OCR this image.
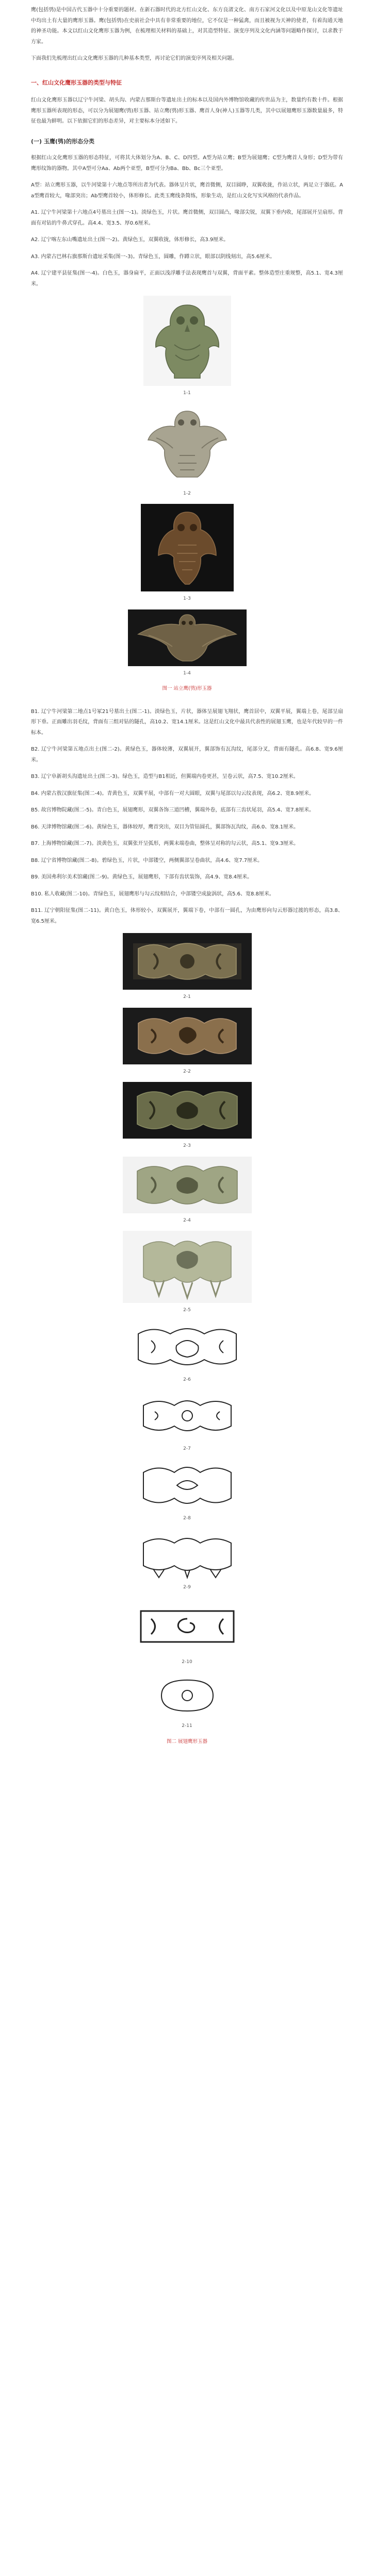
鹰(包括鸮)是中国古代玉器中十分重要的题材。在新石器时代的北方红山文化、东方良渚文化、南方石家河文化以及中原龙山文化等遗址中均出土有大量的鹰形玉器。鹰(包括鸮)在史前社会中具有非常重要的地位，它不仅是一种猛禽，而且被视为天神的使者，有着沟通天地的神圣功能。本文以红山文化鹰形玉器为例，在梳理相关材料的基础上，对其造型特征、演变序列及文化内涵等问题略作探讨，以求教于方家。

下面我们先梳理出红山文化鹰形玉器的几种基本类型，再讨论它们的演变序列及相关问题。

一、红山文化鹰形玉器的类型与特征

红山文化鹰形玉器以辽宁牛河梁、胡头沟、内蒙古那斯台等遗址出土的标本以及国内外博物馆收藏的传世品为主，数量约有数十件。根据鹰形玉器所表现的形态，可以分为展翅鹰(鸮)形玉器、站立鹰(鸮)形玉器、鹰首人身(神人)玉器等几类，其中以展翅鹰形玉器数量最多，特征也最为鲜明。以下依据它们的形态差异，对主要标本分述如下。

(一) 玉鹰(鸮)的形态分类

根据红山文化鹰形玉器的形态特征，可将其大体划分为A、B、C、D四型。A型为站立鹰；B型为展翅鹰；C型为鹰首人身形；D型为带有鹰形纹饰的器物。其中A型可分Aa、Ab两个亚型，B型可分为Ba、Bb、Bc三个亚型。

A型：站立鹰形玉器，以牛河梁第十六地点等所出者为代表。器体呈片状，鹰首微侧，双目圆睁，双翼收拢，作站立状，两足立于器底。Aa型鹰首较大，喙部突出；Ab型鹰首较小，体形修长。此类玉鹰线条简练，形象生动，是红山文化写实风格的代表作品。

A1. 辽宁牛河梁第十六地点4号墓出土(图一-1)。淡绿色玉，片状。鹰首微侧，双目圆凸，喙部尖锐，双翼下垂内收，尾部展开呈扇形。背面有对钻的牛鼻式穿孔。高4.4、宽3.5、厚0.6厘米。

A2. 辽宁喀左东山嘴遗址出土(图一-2)。黄绿色玉，双翼收拢，体形修长，高3.9厘米。

A3. 内蒙古巴林右旗那斯台遗址采集(图一-3)。青绿色玉，圆雕，作蹲立状，眼部以阴线刻出，高5.6厘米。

A4. 辽宁建平县征集(图一-4)。白色玉，器身扁平，正面以浅浮雕手法表现鹰首与双翼，背面平素。整体造型庄重规整，高5.1、宽4.3厘米。

1-1
1-2
1-3
1-4
图一 站立鹰(鸮)形玉器

B1. 辽宁牛河梁第二地点1号冢21号墓出土(图二-1)。淡绿色玉，片状，器体呈展翅飞翔状，鹰首居中，双翼平展，翼端上卷，尾部呈扇形下垂。正面雕出羽毛纹，背面有三组对钻的隧孔，高10.2、宽14.1厘米。这是红山文化中最具代表性的展翅玉鹰，也是年代较早的一件标本。

B2. 辽宁牛河梁第五地点出土(图二-2)。黄绿色玉，器体较薄，双翼展开，翼部饰有瓦沟纹，尾部分叉，背面有隧孔。高6.8、宽9.6厘米。

B3. 辽宁阜新胡头沟遗址出土(图二-3)。绿色玉，造型与B1相近，但翼端内卷更甚，呈卷云状，高7.5、宽10.2厘米。

B4. 内蒙古敖汉旗征集(图二-4)。青黄色玉，双翼平展，中部有一对大圆眼，双翼与尾部以勾云纹表现，高6.2、宽8.9厘米。

B5. 故宫博物院藏(图二-5)。青白色玉，展翅鹰形，双翼各饰三道凹槽，翼端外卷，底部有三齿状尾羽，高5.4、宽7.8厘米。

B6. 天津博物馆藏(图二-6)。黄绿色玉，器体较厚，鹰首突出，双目为管钻圆孔，翼部饰瓦沟纹，高6.0、宽8.1厘米。

B7. 上海博物馆藏(图二-7)。淡黄色玉，双翼张开呈弧形，两翼末端卷曲，整体呈对称的勾云状，高5.1、宽9.3厘米。

B8. 辽宁省博物馆藏(图二-8)。碧绿色玉，片状，中部镂空，两侧翼部呈卷曲状，高4.6、宽7.7厘米。

B9. 美国弗利尔美术馆藏(图二-9)。黄绿色玉，展翅鹰形，下部有齿状装饰，高4.9、宽8.4厘米。

B10. 私人收藏(图二-10)。青绿色玉，展翅鹰形与勾云纹相结合，中部镂空成旋涡状，高5.6、宽8.8厘米。

B11. 辽宁朝阳征集(图二-11)。黄白色玉，体形较小，双翼展开，翼端下卷，中部有一圆孔，为由鹰形向勾云形器过渡的形态，高3.8、宽6.5厘米。

2-1
2-2
2-3
2-4
2-5
2-6
2-7
2-8
2-9
2-10
2-11
图二 展翅鹰形玉器
